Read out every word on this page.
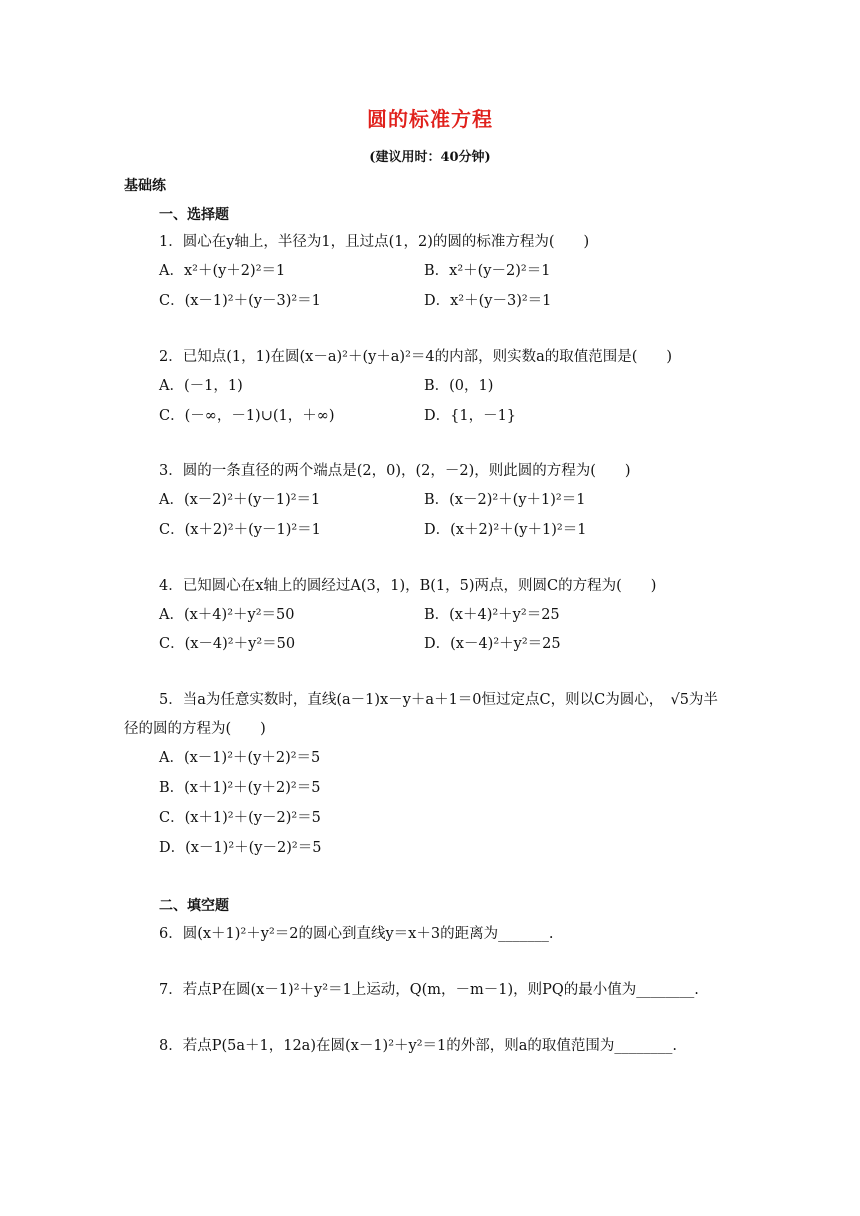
圆的标准方程
(建议用时：40分钟)
基础练
一、选择题
1．圆心在y轴上，半径为1，且过点(1，2)的圆的标准方程为(　　)
A．x²＋(y＋2)²＝1	B．x²＋(y－2)²＝1
C．(x－1)²＋(y－3)²＝1	D．x²＋(y－3)²＝1
2．已知点(1，1)在圆(x－a)²＋(y＋a)²＝4的内部，则实数a的取值范围是(　　)
A．(－1，1)	B．(0，1)
C．(－∞，－1)∪(1，＋∞)	D．{1，－1}
3．圆的一条直径的两个端点是(2，0)，(2，－2)，则此圆的方程为(　　)
A．(x－2)²＋(y－1)²＝1	B．(x－2)²＋(y＋1)²＝1
C．(x＋2)²＋(y－1)²＝1	D．(x＋2)²＋(y＋1)²＝1
4．已知圆心在x轴上的圆经过A(3，1)，B(1，5)两点，则圆C的方程为(　　)
A．(x＋4)²＋y²＝50	B．(x＋4)²＋y²＝25
C．(x－4)²＋y²＝50	D．(x－4)²＋y²＝25
5．当a为任意实数时，直线(a－1)x－y＋a＋1＝0恒过定点C，则以C为圆心，　√5为半
径的圆的方程为(　　)
A．(x－1)²＋(y＋2)²＝5
B．(x＋1)²＋(y＋2)²＝5
C．(x＋1)²＋(y－2)²＝5
D．(x－1)²＋(y－2)²＝5
二、填空题
6．圆(x＋1)²＋y²＝2的圆心到直线y＝x＋3的距离为_______.
7．若点P在圆(x－1)²＋y²＝1上运动，Q(m，－m－1)，则PQ的最小值为________.
8．若点P(5a＋1，12a)在圆(x－1)²＋y²＝1的外部，则a的取值范围为________.
